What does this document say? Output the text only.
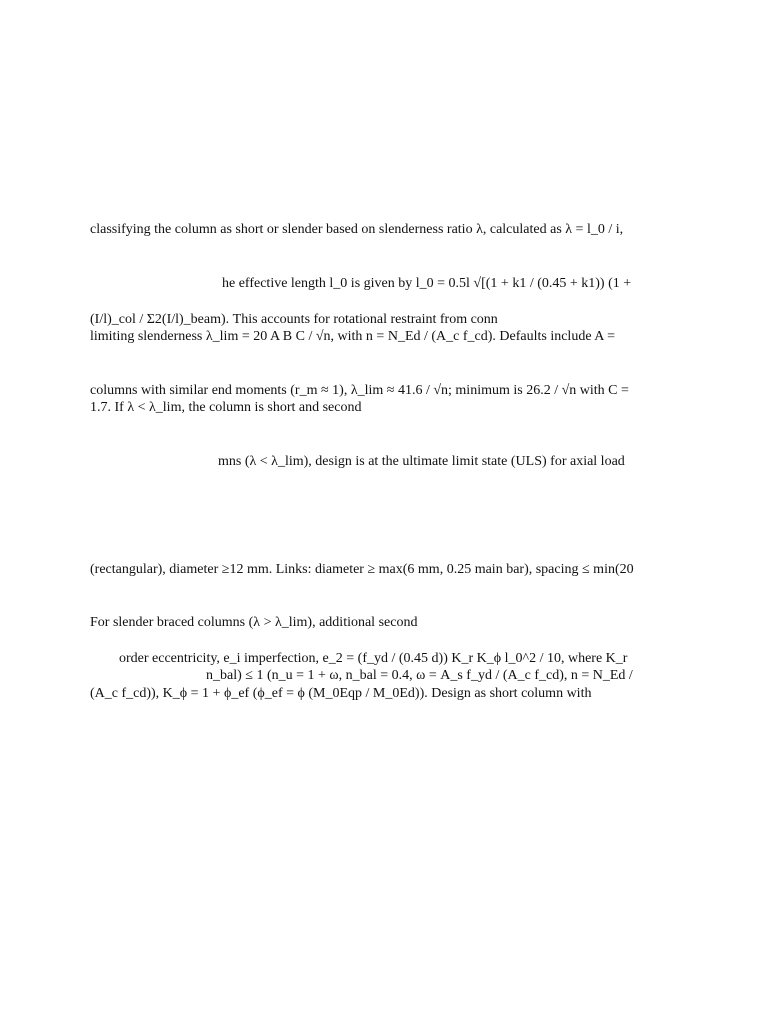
classifying the column as short or slender based on slenderness ratio λ, calculated as λ = l_0 / i,
he effective length l_0 is given by l_0 = 0.5l √[(1 + k1 / (0.45 + k1)) (1 +
(I/l)_col / Σ2(I/l)_beam). This accounts for rotational restraint from conn
limiting slenderness λ_lim = 20 A B C / √n, with n = N_Ed / (A_c f_cd). Defaults include A =
columns with similar end moments (r_m ≈ 1), λ_lim ≈ 41.6 / √n; minimum is 26.2 / √n with C =
1.7. If λ < λ_lim, the column is short and second
mns (λ < λ_lim), design is at the ultimate limit state (ULS) for axial load
(rectangular), diameter ≥12 mm. Links: diameter ≥ max(6 mm, 0.25 main bar), spacing ≤ min(20
For slender braced columns (λ > λ_lim), additional second
order eccentricity, e_i imperfection, e_2 = (f_yd / (0.45 d)) K_r K_ϕ l_0^2 / 10, where K_r
n_bal) ≤ 1 (n_u = 1 + ω, n_bal = 0.4, ω = A_s f_yd / (A_c f_cd), n = N_Ed /
(A_c f_cd)), K_ϕ = 1 + ϕ_ef (ϕ_ef = ϕ (M_0Eqp / M_0Ed)). Design as short column with
